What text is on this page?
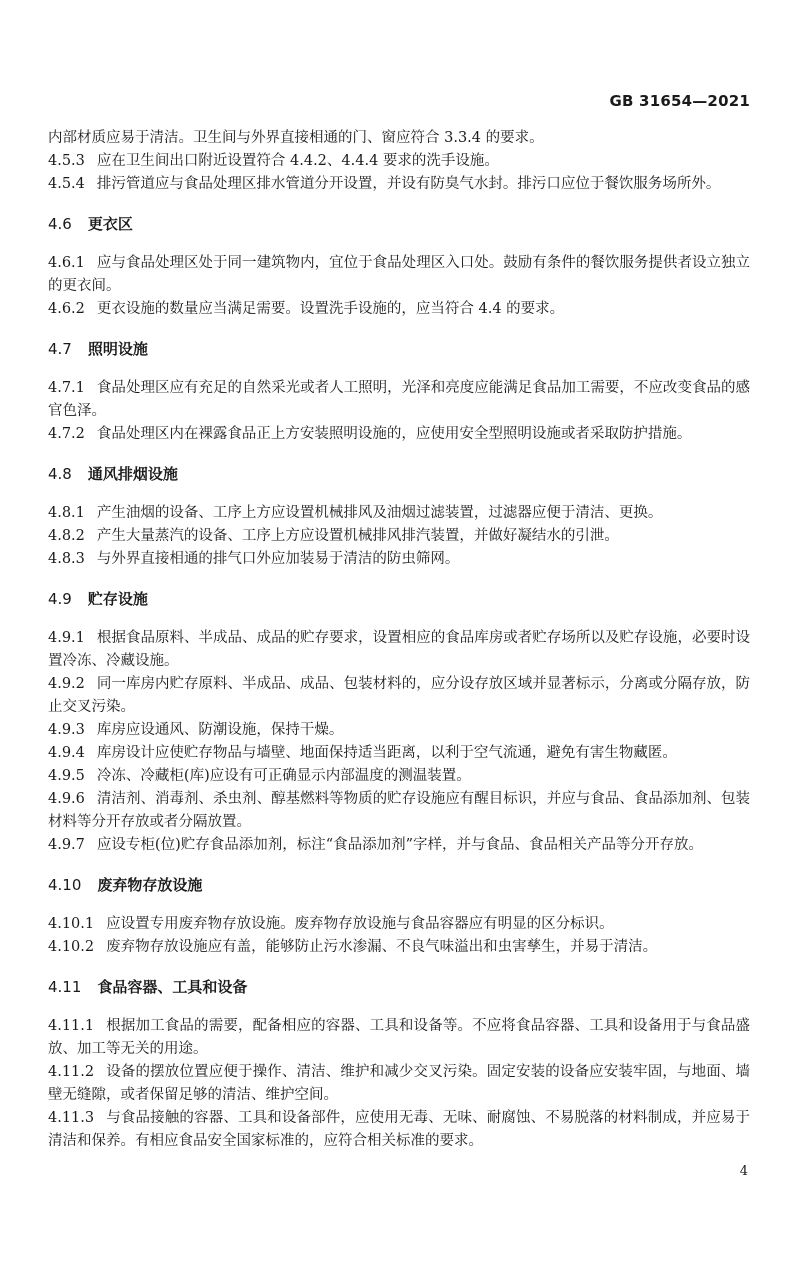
GB 31654—2021

内部材质应易于清洁。卫生间与外界直接相通的门、窗应符合 3.3.4 的要求。

4.5.3 应在卫生间出口附近设置符合 4.4.2、4.4.4 要求的洗手设施。

4.5.4 排污管道应与食品处理区排水管道分开设置，并设有防臭气水封。排污口应位于餐饮服务场所外。

4.6 更衣区

4.6.1 应与食品处理区处于同一建筑物内，宜位于食品处理区入口处。鼓励有条件的餐饮服务提供者设立独立的更衣间。

4.6.2 更衣设施的数量应当满足需要。设置洗手设施的，应当符合 4.4 的要求。

4.7 照明设施

4.7.1 食品处理区应有充足的自然采光或者人工照明，光泽和亮度应能满足食品加工需要，不应改变食品的感官色泽。

4.7.2 食品处理区内在裸露食品正上方安装照明设施的，应使用安全型照明设施或者采取防护措施。

4.8 通风排烟设施

4.8.1 产生油烟的设备、工序上方应设置机械排风及油烟过滤装置，过滤器应便于清洁、更换。

4.8.2 产生大量蒸汽的设备、工序上方应设置机械排风排汽装置，并做好凝结水的引泄。

4.8.3 与外界直接相通的排气口外应加装易于清洁的防虫筛网。

4.9 贮存设施

4.9.1 根据食品原料、半成品、成品的贮存要求，设置相应的食品库房或者贮存场所以及贮存设施，必要时设置冷冻、冷藏设施。

4.9.2 同一库房内贮存原料、半成品、成品、包装材料的，应分设存放区域并显著标示，分离或分隔存放，防止交叉污染。

4.9.3 库房应设通风、防潮设施，保持干燥。

4.9.4 库房设计应使贮存物品与墙壁、地面保持适当距离，以利于空气流通，避免有害生物藏匿。

4.9.5 冷冻、冷藏柜(库)应设有可正确显示内部温度的测温装置。

4.9.6 清洁剂、消毒剂、杀虫剂、醇基燃料等物质的贮存设施应有醒目标识，并应与食品、食品添加剂、包装材料等分开存放或者分隔放置。

4.9.7 应设专柜(位)贮存食品添加剂，标注“食品添加剂”字样，并与食品、食品相关产品等分开存放。

4.10 废弃物存放设施

4.10.1 应设置专用废弃物存放设施。废弃物存放设施与食品容器应有明显的区分标识。

4.10.2 废弃物存放设施应有盖，能够防止污水渗漏、不良气味溢出和虫害孳生，并易于清洁。

4.11 食品容器、工具和设备

4.11.1 根据加工食品的需要，配备相应的容器、工具和设备等。不应将食品容器、工具和设备用于与食品盛放、加工等无关的用途。

4.11.2 设备的摆放位置应便于操作、清洁、维护和减少交叉污染。固定安装的设备应安装牢固，与地面、墙壁无缝隙，或者保留足够的清洁、维护空间。

4.11.3 与食品接触的容器、工具和设备部件，应使用无毒、无味、耐腐蚀、不易脱落的材料制成，并应易于清洁和保养。有相应食品安全国家标准的，应符合相关标准的要求。

4
